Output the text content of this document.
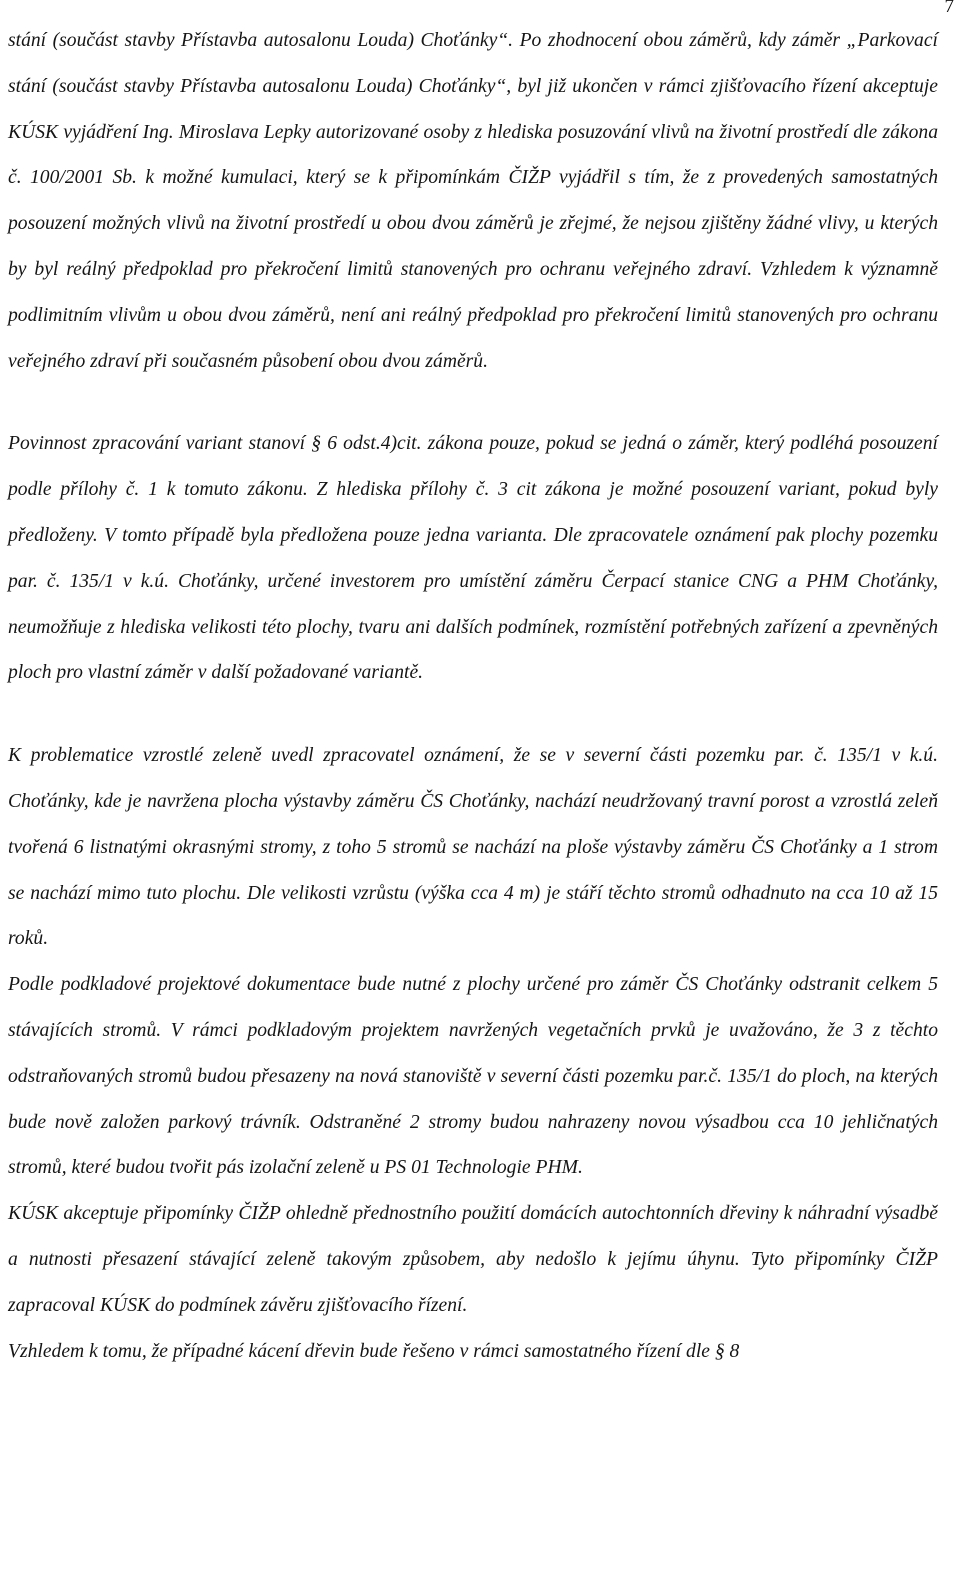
7

stání (součást stavby Přístavba autosalonu Louda) Choťánky“. Po zhodnocení obou záměrů, kdy záměr „Parkovací stání (součást stavby Přístavba autosalonu Louda) Choťánky“, byl již ukončen v rámci zjišťovacího řízení akceptuje KÚSK vyjádření Ing. Miroslava Lepky autorizované osoby z hlediska posuzování vlivů na životní prostředí dle zákona č. 100/2001 Sb. k možné kumulaci, který se k připomínkám ČIŽP vyjádřil s tím, že z provedených samostatných posouzení možných vlivů na životní prostředí u obou dvou záměrů je zřejmé, že nejsou zjištěny žádné vlivy, u kterých by byl reálný předpoklad pro překročení limitů stanovených pro ochranu veřejného zdraví. Vzhledem k významně podlimitním vlivům u obou dvou záměrů, není ani reálný předpoklad pro překročení limitů stanovených pro ochranu veřejného zdraví při současném působení obou dvou záměrů.

Povinnost zpracování variant stanoví § 6 odst.4)cit. zákona pouze, pokud se jedná o záměr, který podléhá posouzení podle přílohy č. 1 k tomuto zákonu. Z hlediska přílohy č. 3 cit zákona je možné posouzení variant, pokud byly předloženy. V tomto případě byla předložena pouze jedna varianta. Dle zpracovatele oznámení pak plochy pozemku par. č. 135/1 v k.ú. Choťánky, určené investorem pro umístění záměru Čerpací stanice CNG a PHM Choťánky, neumožňuje z hlediska velikosti této plochy, tvaru ani dalších podmínek, rozmístění potřebných zařízení a zpevněných ploch pro vlastní záměr v další požadované variantě.

K problematice vzrostlé zeleně uvedl zpracovatel oznámení, že se v severní části pozemku par. č. 135/1 v k.ú. Choťánky, kde je navržena plocha výstavby záměru ČS Choťánky, nachází neudržovaný travní porost a vzrostlá zeleň tvořená 6 listnatými okrasnými stromy, z toho 5 stromů se nachází na ploše výstavby záměru ČS Choťánky a 1 strom se nachází mimo tuto plochu. Dle velikosti vzrůstu (výška cca 4 m) je stáří těchto stromů odhadnuto na cca 10 až 15 roků.

Podle podkladové projektové dokumentace bude nutné z plochy určené pro záměr ČS Choťánky odstranit celkem 5 stávajících stromů. V rámci podkladovým projektem navržených vegetačních prvků je uvažováno, že 3 z těchto odstraňovaných stromů budou přesazeny na nová stanoviště v severní části pozemku par.č. 135/1 do ploch, na kterých bude nově založen parkový trávník. Odstraněné 2 stromy budou nahrazeny novou výsadbou cca 10 jehličnatých stromů, které budou tvořit pás izolační zeleně u PS 01 Technologie PHM.

KÚSK akceptuje připomínky ČIŽP ohledně přednostního použití domácích autochtonních dřeviny k náhradní výsadbě a nutnosti přesazení stávající zeleně takovým způsobem, aby nedošlo k jejímu úhynu. Tyto připomínky ČIŽP zapracoval KÚSK do podmínek závěru zjišťovacího řízení.

Vzhledem k tomu, že případné kácení dřevin bude řešeno v rámci samostatného řízení dle § 8
